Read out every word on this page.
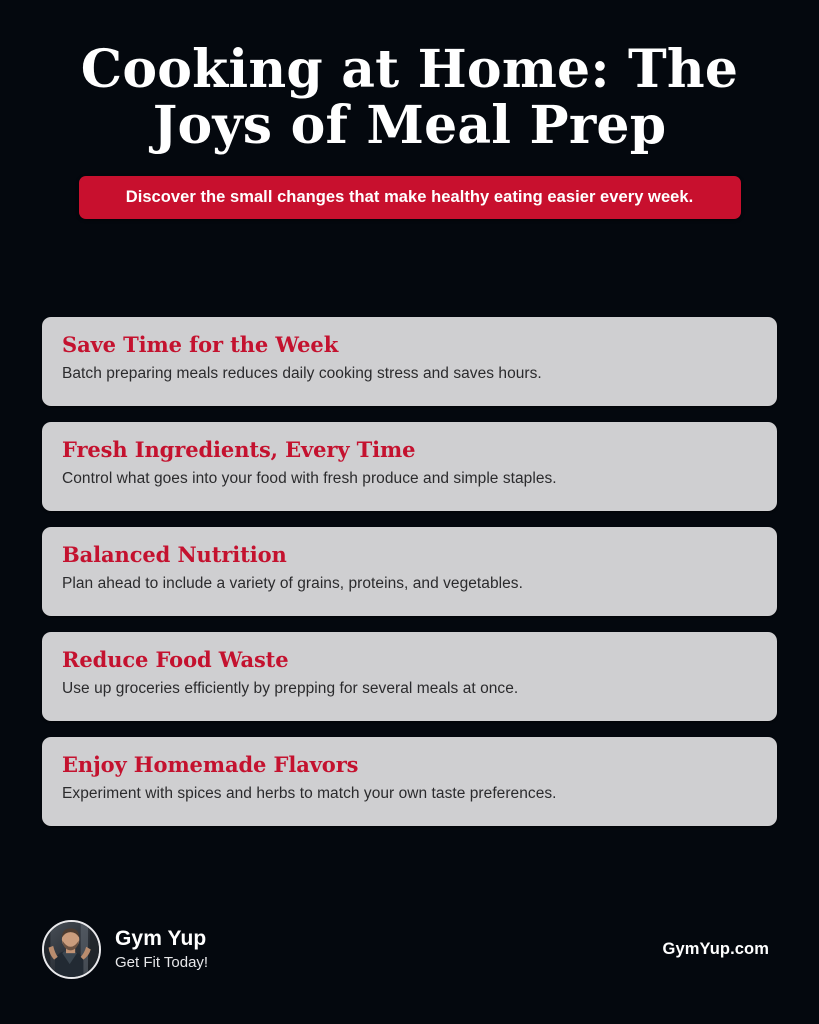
Cooking at Home: The
Joys of Meal Prep
Discover the small changes that make healthy eating easier every week.
Save Time for the Week
Batch preparing meals reduces daily cooking stress and saves hours.
Fresh Ingredients, Every Time
Control what goes into your food with fresh produce and simple staples.
Balanced Nutrition
Plan ahead to include a variety of grains, proteins, and vegetables.
Reduce Food Waste
Use up groceries efficiently by prepping for several meals at once.
Enjoy Homemade Flavors
Experiment with spices and herbs to match your own taste preferences.
Gym Yup
Get Fit Today!
GymYup.com
